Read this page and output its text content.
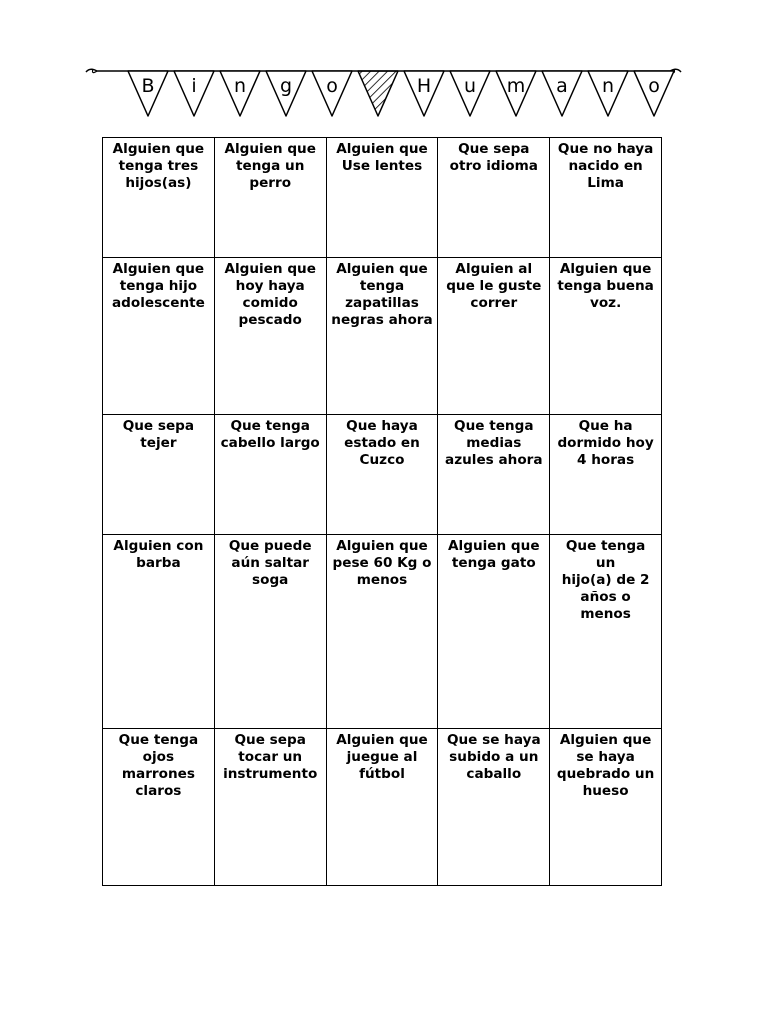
B i n g o	H u m a n o
Alguien que
tenga tres
hijos(as)	Alguien que
tenga un
perro	Alguien que
Use lentes	Que sepa
otro idioma	Que no haya
nacido en
Lima
Alguien que
tenga hijo
adolescente	Alguien que
hoy haya
comido
pescado	Alguien que
tenga
zapatillas
negras ahora	Alguien al
que le guste
correr	Alguien que
tenga buena
voz.
Que sepa
tejer	Que tenga
cabello largo	Que haya
estado en
Cuzco	Que tenga
medias
azules ahora	Que ha
dormido hoy
4 horas
Alguien con
barba	Que puede
aún saltar
soga	Alguien que
pese 60 Kg o
menos	Alguien que
tenga gato	Que tenga un
hijo(a) de 2
años o
menos
Que tenga
ojos
marrones
claros	Que sepa
tocar un
instrumento	Alguien que
juegue al
fútbol	Que se haya
subido a un
caballo	Alguien que
se haya
quebrado un
hueso
